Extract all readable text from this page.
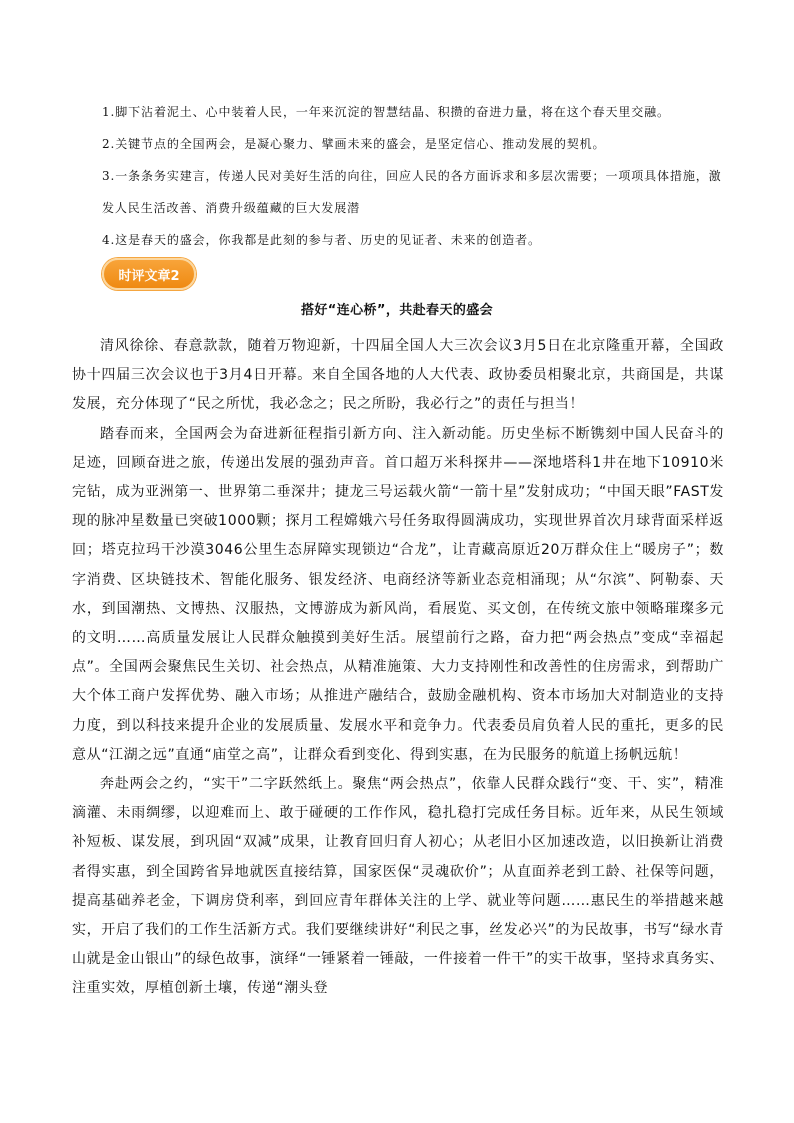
1.脚下沾着泥土、心中装着人民，一年来沉淀的智慧结晶、积攒的奋进力量，将在这个春天里交融。

2.关键节点的全国两会，是凝心聚力、擘画未来的盛会，是坚定信心、推动发展的契机。

3.一条条务实建言，传递人民对美好生活的向往，回应人民的各方面诉求和多层次需要；一项项具体措施，激发人民生活改善、消费升级蕴藏的巨大发展潜

4.这是春天的盛会，你我都是此刻的参与者、历史的见证者、未来的创造者。

时评文章2
搭好“连心桥”，共赴春天的盛会

清风徐徐、春意款款，随着万物迎新，十四届全国人大三次会议3月5日在北京隆重开幕，全国政协十四届三次会议也于3月4日开幕。来自全国各地的人大代表、政协委员相聚北京，共商国是，共谋发展，充分体现了“民之所忧，我必念之；民之所盼，我必行之”的责任与担当！

踏春而来，全国两会为奋进新征程指引新方向、注入新动能。历史坐标不断镌刻中国人民奋斗的足迹，回顾奋进之旅，传递出发展的强劲声音。首口超万米科探井——深地塔科1井在地下10910米完钻，成为亚洲第一、世界第二垂深井；捷龙三号运载火箭“一箭十星”发射成功；“中国天眼”FAST发现的脉冲星数量已突破1000颗；探月工程嫦娥六号任务取得圆满成功，实现世界首次月球背面采样返回；塔克拉玛干沙漠3046公里生态屏障实现锁边“合龙”，让青藏高原近20万群众住上“暖房子”；数字消费、区块链技术、智能化服务、银发经济、电商经济等新业态竞相涌现；从“尔滨”、阿勒泰、天水，到国潮热、文博热、汉服热，文博游成为新风尚，看展览、买文创，在传统文旅中领略璀璨多元的文明……高质量发展让人民群众触摸到美好生活。展望前行之路，奋力把“两会热点”变成“幸福起点”。全国两会聚焦民生关切、社会热点，从精准施策、大力支持刚性和改善性的住房需求，到帮助广大个体工商户发挥优势、融入市场；从推进产融结合，鼓励金融机构、资本市场加大对制造业的支持力度，到以科技来提升企业的发展质量、发展水平和竞争力。代表委员肩负着人民的重托，更多的民意从“江湖之远”直通“庙堂之高”，让群众看到变化、得到实惠，在为民服务的航道上扬帆远航！

奔赴两会之约，“实干”二字跃然纸上。聚焦“两会热点”，依靠人民群众践行“变、干、实”，精准滴灌、未雨绸缪，以迎难而上、敢于碰硬的工作作风，稳扎稳打完成任务目标。近年来，从民生领域补短板、谋发展，到巩固“双减”成果，让教育回归育人初心；从老旧小区加速改造，以旧换新让消费者得实惠，到全国跨省异地就医直接结算，国家医保“灵魂砍价”；从直面养老到工龄、社保等问题，提高基础养老金，下调房贷利率，到回应青年群体关注的上学、就业等问题……惠民生的举措越来越实，开启了我们的工作生活新方式。我们要继续讲好“利民之事，丝发必兴”的为民故事，书写“绿水青山就是金山银山”的绿色故事，演绎“一锤紧着一锤敲，一件接着一件干”的实干故事，坚持求真务实、注重实效，厚植创新土壤，传递“潮头登
